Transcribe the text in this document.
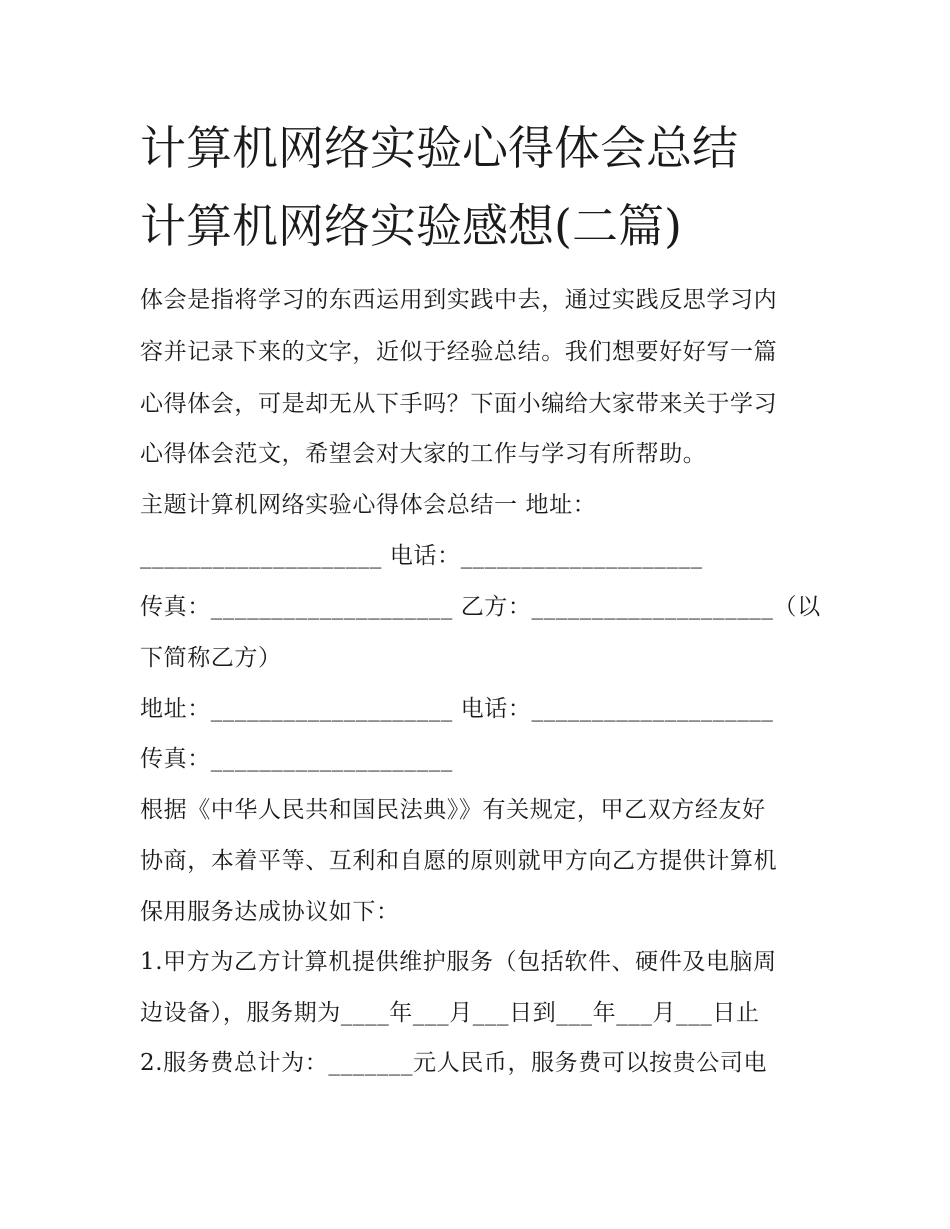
计算机网络实验心得体会总结
计算机网络实验感想(二篇)
体会是指将学习的东西运用到实践中去，通过实践反思学习内
容并记录下来的文字，近似于经验总结。我们想要好好写一篇
心得体会，可是却无从下手吗？下面小编给大家带来关于学习
心得体会范文，希望会对大家的工作与学习有所帮助。
主题计算机网络实验心得体会总结一 地址：
____________________ 电话：____________________
传真：____________________ 乙方：____________________（以
下简称乙方）
地址：____________________ 电话：____________________
传真：____________________
根据《中华人民共和国民法典》》有关规定，甲乙双方经友好
协商，本着平等、互利和自愿的原则就甲方向乙方提供计算机
保用服务达成协议如下：
1.甲方为乙方计算机提供维护服务（包括软件、硬件及电脑周
边设备），服务期为____年___月___日到___年___月___日止
2.服务费总计为：_______元人民币，服务费可以按贵公司电
